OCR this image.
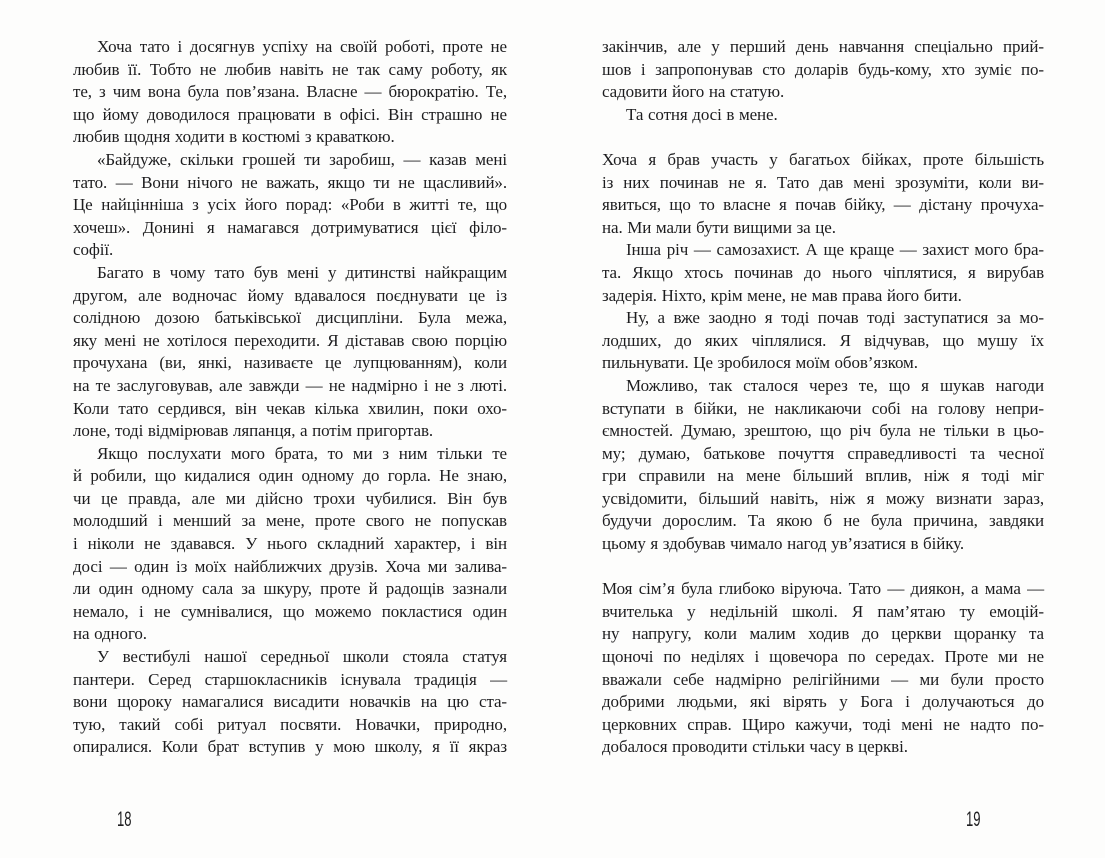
Хоча тато і досягнув успіху на своїй роботі, проте не
любив її. Тобто не любив навіть не так саму роботу, як
те, з чим вона була пов’язана. Власне — бюрократію. Те,
що йому доводилося працювати в офісі. Він страшно не
любив щодня ходити в костюмі з краваткою.
«Байдуже, скільки грошей ти заробиш, — казав мені
тато. — Вони нічого не важать, якщо ти не щасливий».
Це найцінніша з усіх його порад: «Роби в житті те, що
хочеш». Донині я намагався дотримуватися цієї філо-
софії.
Багато в чому тато був мені у дитинстві найкращим
другом, але водночас йому вдавалося поєднувати це із
солідною дозою батьківської дисципліни. Була межа,
яку мені не хотілося переходити. Я діставав свою порцію
прочухана (ви, янкі, називаєте це лупцюванням), коли
на те заслуговував, але завжди — не надмірно і не з люті.
Коли тато сердився, він чекав кілька хвилин, поки охо-
лоне, тоді відмірював ляпанця, а потім пригортав.
Якщо послухати мого брата, то ми з ним тільки те
й робили, що кидалися один одному до горла. Не знаю,
чи це правда, але ми дійсно трохи чубилися. Він був
молодший і менший за мене, проте свого не попускав
і ніколи не здавався. У нього складний характер, і він
досі — один із моїх найближчих друзів. Хоча ми залива-
ли один одному сала за шкуру, проте й радощів зазнали
немало, і не сумнівалися, що можемо покластися один
на одного.
У вестибулі нашої середньої школи стояла статуя
пантери. Серед старшокласників існувала традиція —
вони щороку намагалися висадити новачків на цю ста-
тую, такий собі ритуал посвяти. Новачки, природно,
опиралися. Коли брат вступив у мою школу, я її якраз
закінчив, але у перший день навчання спеціально прий-
шов і запропонував сто доларів будь-кому, хто зуміє по-
садовити його на статую.
Та сотня досі в мене.
Хоча я брав участь у багатьох бійках, проте більшість
із них починав не я. Тато дав мені зрозуміти, коли ви-
явиться, що то власне я почав бійку, — дістану прочуха-
на. Ми мали бути вищими за це.
Інша річ — самозахист. А ще краще — захист мого бра-
та. Якщо хтось починав до нього чіплятися, я вирубав
задерія. Ніхто, крім мене, не мав права його бити.
Ну, а вже заодно я тоді почав тоді заступатися за мо-
лодших, до яких чіплялися. Я відчував, що мушу їх
пильнувати. Це зробилося моїм обов’язком.
Можливо, так сталося через те, що я шукав нагоди
вступати в бійки, не накликаючи собі на голову непри-
ємностей. Думаю, зрештою, що річ була не тільки в цьо-
му; думаю, батькове почуття справедливості та чесної
гри справили на мене більший вплив, ніж я тоді міг
усвідомити, більший навіть, ніж я можу визнати зараз,
будучи дорослим. Та якою б не була причина, завдяки
цьому я здобував чимало нагод ув’язатися в бійку.
Моя сім’я була глибоко віруюча. Тато — диякон, а мама —
вчителька у недільній школі. Я пам’ятаю ту емоцій-
ну напругу, коли малим ходив до церкви щоранку та
щоночі по неділях і щовечора по середах. Проте ми не
вважали себе надмірно релігійними — ми були просто
добрими людьми, які вірять у Бога і долучаються до
церковних справ. Щиро кажучи, тоді мені не надто по-
добалося проводити стільки часу в церкві.
18	19
